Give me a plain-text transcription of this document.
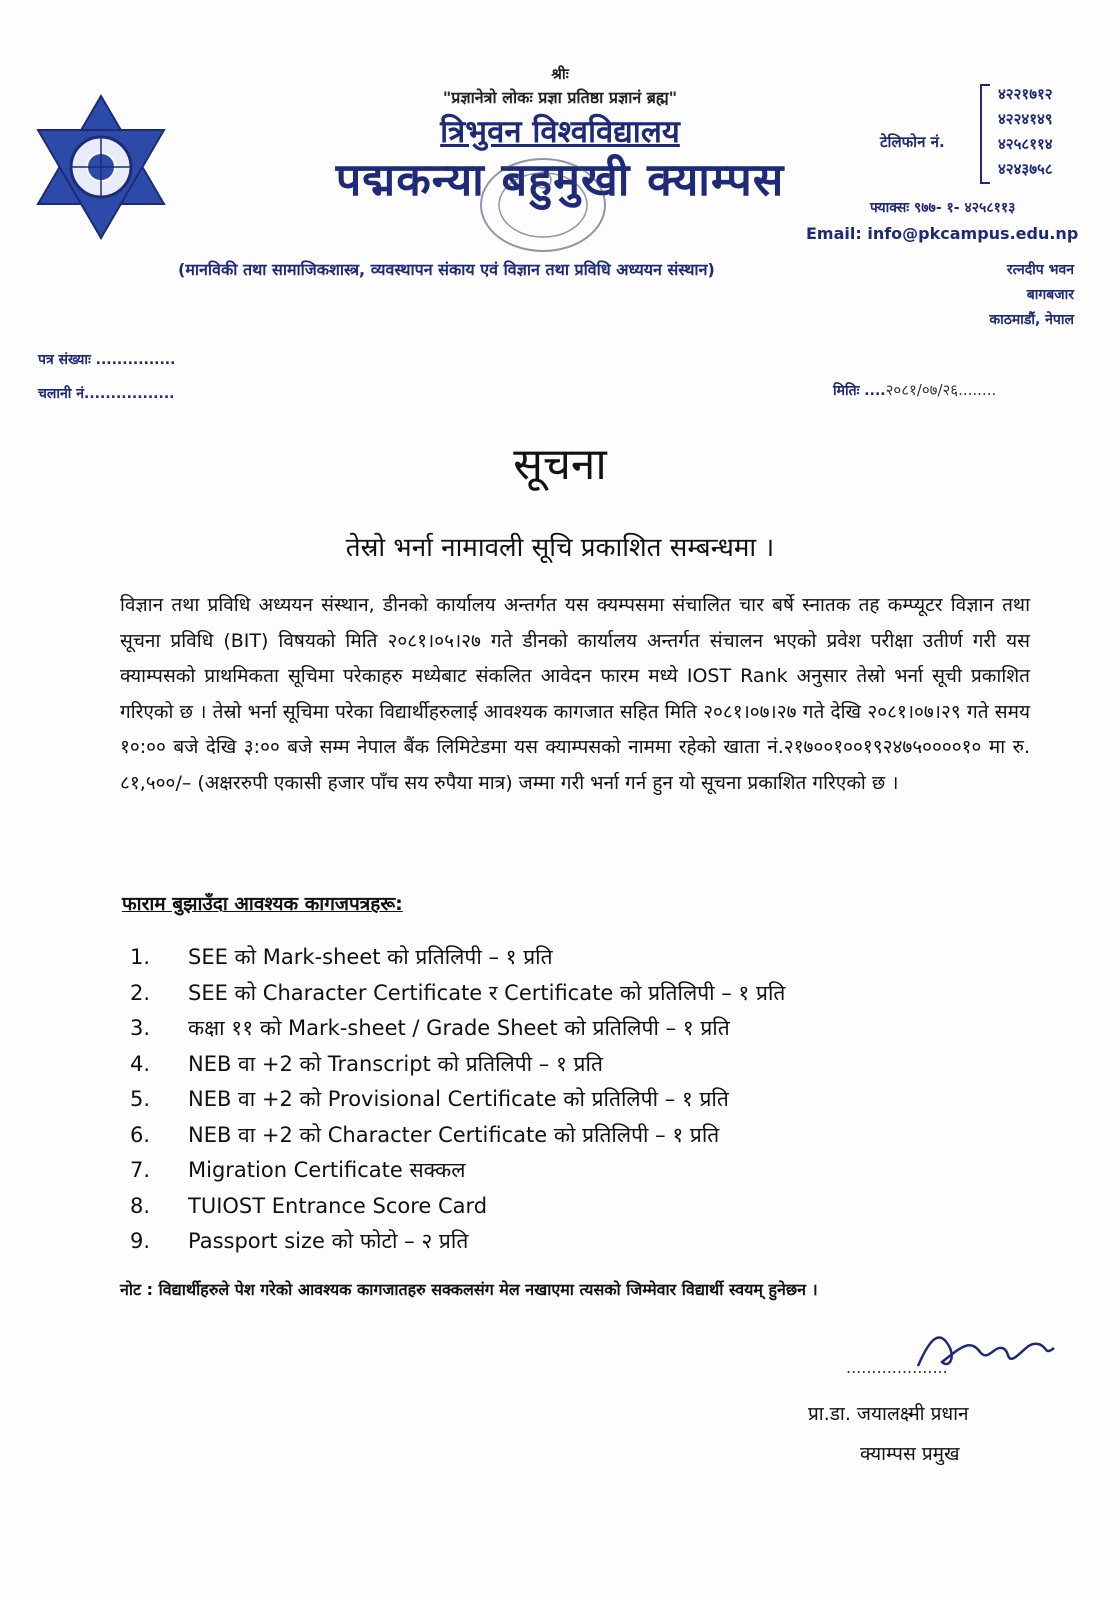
श्रीः
"प्रज्ञानेत्रो लोकः प्रज्ञा प्रतिष्ठा प्रज्ञानं ब्रह्म"
त्रिभुवन विश्वविद्यालय
पद्मकन्या बहुमुखी क्याम्पस
(मानविकी तथा सामाजिकशास्त्र, व्यवस्थापन संकाय एवं विज्ञान तथा प्रविधि अध्ययन संस्थान)
टेलिफोन नं.
४२२१७१२
४२२४१४९
४२५८११४
४२४३७५८
फ्याक्सः ९७७- १- ४२५८११३
Email: info@pkcampus.edu.np
रत्नदीप भवन
बागबजार
काठमाडौं, नेपाल
पत्र संख्याः ...............
चलानी नं.................	मितिः ....२०८१/०७/२६........
सूचना
तेस्रो भर्ना नामावली सूचि प्रकाशित सम्बन्धमा ।
विज्ञान तथा प्रविधि अध्ययन संस्थान, डीनको कार्यालय अन्तर्गत यस क्यम्पसमा संचालित चार बर्षे स्नातक तह कम्प्यूटर विज्ञान तथा सूचना प्रविधि (BIT) विषयको मिति २०८१।०५।२७ गते डीनको कार्यालय अन्तर्गत संचालन भएको प्रवेश परीक्षा उतीर्ण गरी यस क्याम्पसको प्राथमिकता सूचिमा परेकाहरु मध्येबाट संकलित आवेदन फारम मध्ये IOST Rank अनुसार तेस्रो भर्ना सूची प्रकाशित गरिएको छ । तेस्रो भर्ना सूचिमा परेका विद्यार्थीहरुलाई आवश्यक कागजात सहित मिति २०८१।०७।२७ गते देखि २०८१।०७।२९ गते समय १०:०० बजे देखि ३:०० बजे सम्म नेपाल बैंक लिमिटेडमा यस क्याम्पसको नाममा रहेको खाता नं.२१७००१००१९२४७५००००१० मा रु. ८१,५००/– (अक्षररुपी एकासी हजार पाँच सय रुपैया मात्र) जम्मा गरी भर्ना गर्न हुन यो सूचना प्रकाशित गरिएको छ ।
फाराम बुझाउँदा आवश्यक कागजपत्रहरू:
1. SEE को Mark-sheet को प्रतिलिपी – १ प्रति
2. SEE को Character Certificate र Certificate को प्रतिलिपी – १ प्रति
3. कक्षा ११ को Mark-sheet / Grade Sheet को प्रतिलिपी – १ प्रति
4. NEB वा +2 को Transcript को प्रतिलिपी – १ प्रति
5. NEB वा +2 को Provisional Certificate को प्रतिलिपी – १ प्रति
6. NEB वा +2 को Character Certificate को प्रतिलिपी – १ प्रति
7. Migration Certificate सक्कल
8. TUIOST Entrance Score Card
9. Passport size को फोटो – २ प्रति
नोट : विद्यार्थीहरुले पेश गरेको आवश्यक कागजातहरु सक्कलसंग मेल नखाएमा त्यसको जिम्मेवार विद्यार्थी स्वयम् हुनेछन ।
....................
प्रा.डा. जयालक्ष्मी प्रधान
क्याम्पस प्रमुख
